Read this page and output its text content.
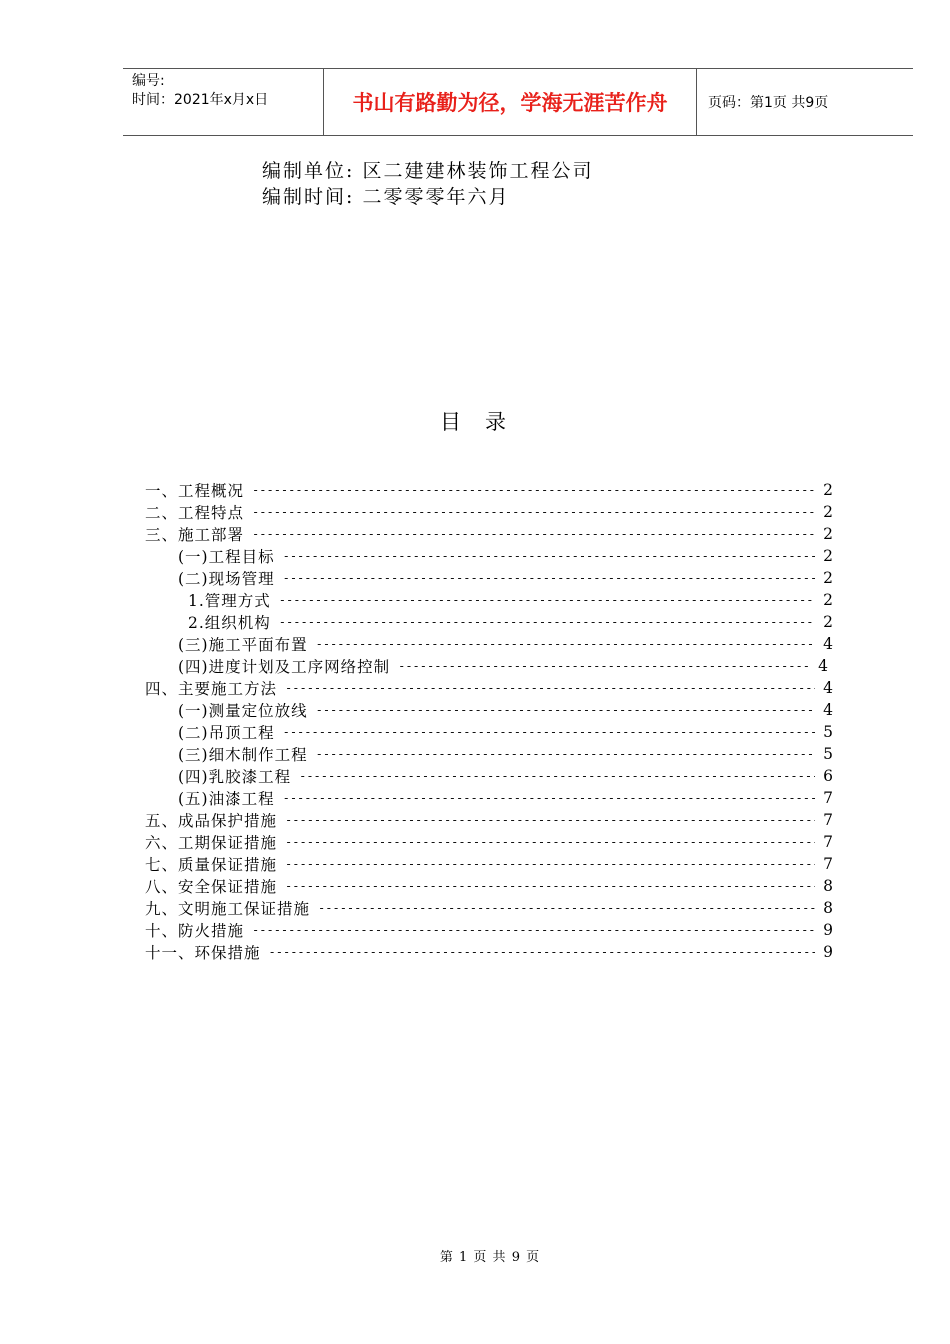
编号:
时间：2021年x月x日	书山有路勤为径，学海无涯苦作舟	页码：第1页 共9页
编制单位: 区二建建林装饰工程公司
编制时间: 二零零零年六月
目录
一、工程概况 -----	2
二、工程特点 -----	2
三、施工部署 -----	2
(一)工程目标 -----	2
(二)现场管理 -----	2
1.管理方式 -----	2
2.组织机构 -----	2
(三)施工平面布置 -----	4
(四)进度计划及工序网络控制 -----	4
四、主要施工方法 -----	4
(一)测量定位放线 -----	4
(二)吊顶工程 -----	5
(三)细木制作工程 -----	5
(四)乳胶漆工程 -----	6
(五)油漆工程 -----	7
五、成品保护措施 -----	7
六、工期保证措施 -----	7
七、质量保证措施 -----	7
八、安全保证措施 -----	8
九、文明施工保证措施 -----	8
十、防火措施 -----	9
十一、环保措施 -----	9
第 1 页 共 9 页
